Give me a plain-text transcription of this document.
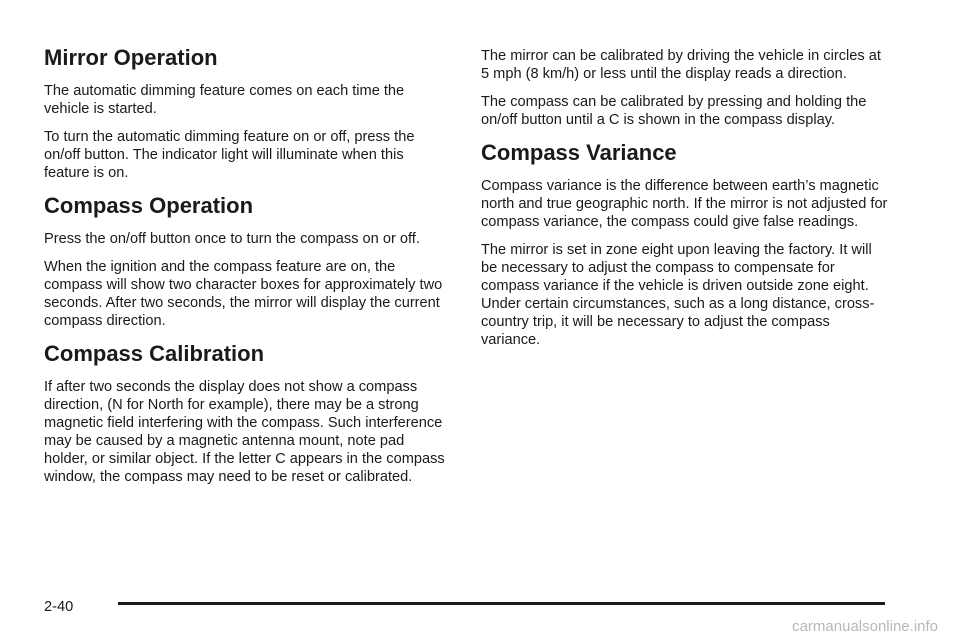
Mirror Operation

The automatic dimming feature comes on each time the vehicle is started.

To turn the automatic dimming feature on or off, press the on/off button. The indicator light will illuminate when this feature is on.

Compass Operation

Press the on/off button once to turn the compass on or off.

When the ignition and the compass feature are on, the compass will show two character boxes for approximately two seconds. After two seconds, the mirror will display the current compass direction.

Compass Calibration

If after two seconds the display does not show a compass direction, (N for North for example), there may be a strong magnetic field interfering with the compass. Such interference may be caused by a magnetic antenna mount, note pad holder, or similar object. If the letter C appears in the compass window, the compass may need to be reset or calibrated.

The mirror can be calibrated by driving the vehicle in circles at 5 mph (8 km/h) or less until the display reads a direction.

The compass can be calibrated by pressing and holding the on/off button until a C is shown in the compass display.

Compass Variance

Compass variance is the difference between earth’s magnetic north and true geographic north. If the mirror is not adjusted for compass variance, the compass could give false readings.

The mirror is set in zone eight upon leaving the factory. It will be necessary to adjust the compass to compensate for compass variance if the vehicle is driven outside zone eight. Under certain circumstances, such as a long distance, cross-country trip, it will be necessary to adjust the compass variance.

2-40
carmanualsonline.info
